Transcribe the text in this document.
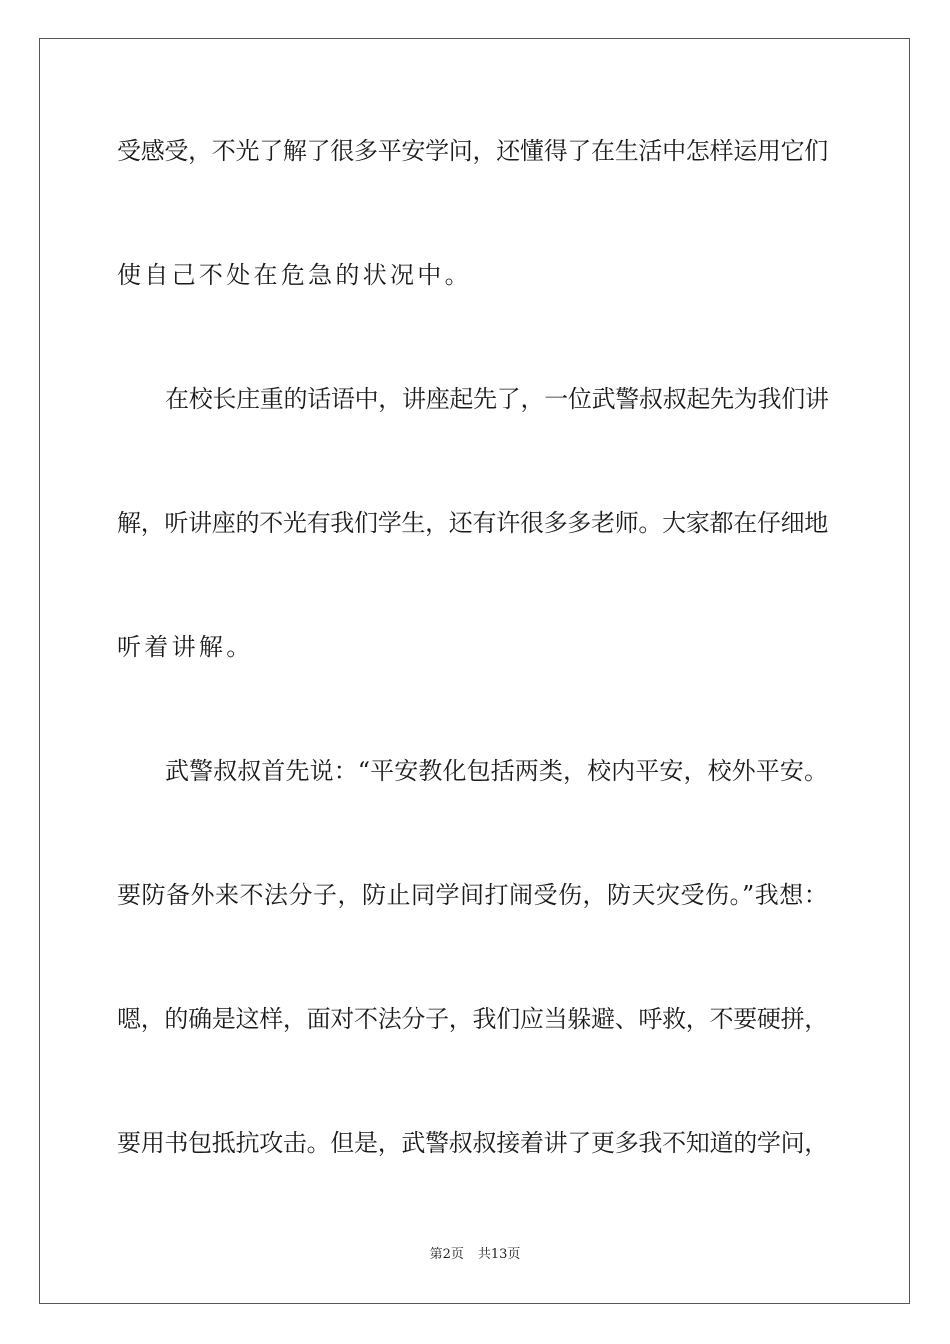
受感受，不光了解了很多平安学问，还懂得了在生活中怎样运用它们
使自己不处在危急的状况中。
在校长庄重的话语中，讲座起先了，一位武警叔叔起先为我们讲
解，听讲座的不光有我们学生，还有许很多多老师。大家都在仔细地
听着讲解。
武警叔叔首先说：“平安教化包括两类，校内平安，校外平安。
要防备外来不法分子，防止同学间打闹受伤，防天灾受伤。”我想：
嗯，的确是这样，面对不法分子，我们应当躲避、呼救，不要硬拼，
要用书包抵抗攻击。但是，武警叔叔接着讲了更多我不知道的学问，
第2页 共13页
